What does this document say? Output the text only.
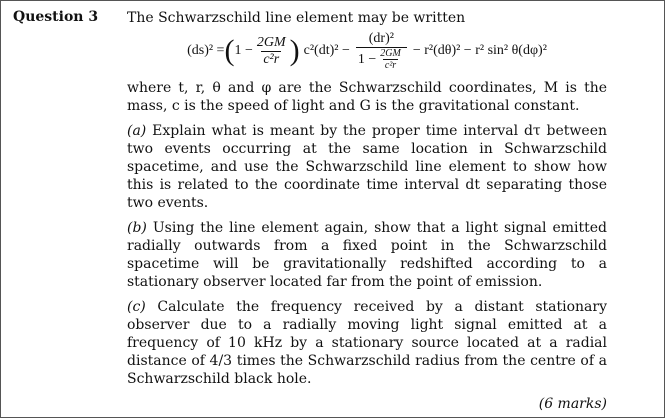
Question 3 The Schwarzschild line element may be written

(ds)² = ( $1 - \frac{2GM}{\text{c²r}}$ ) $c^2(dt)^2 - \frac{\text{(dr)²}}{1 - \frac{2GM}{\text{c²r}}} - r^2(d\theta)^2 - r^2$ sin² θ(dφ)²

where t, r, θ and φ are the Schwarzschild coordinates, M is the mass, c is the speed of light and G is the gravitational constant.

(a) Explain what is meant by the proper time interval dτ between two events occurring at the same location in Schwarzschild spacetime, and use the Schwarzschild line element to show how this is related to the coordinate time interval dt separating those two events.

(b) Using the line element again, show that a light signal emitted radially outwards from a fixed point in the Schwarzschild spacetime will be gravitationally redshifted according to a stationary observer located far from the point of emission.

(c) Calculate the frequency received by a distant stationary observer due to a radially moving light signal emitted at a frequency of 10 kHz by a stationary source located at a radial distance of 4/3 times the Schwarzschild radius from the centre of a Schwarzschild black hole.

(6 marks)
